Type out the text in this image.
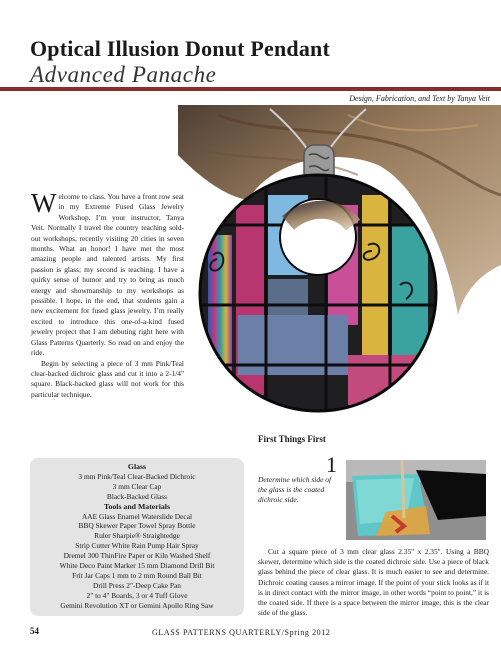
Optical Illusion Donut Pendant
Advanced Panache
Design, Fabrication, and Text by Tanya Veit

Welcome to class. You have a front row seat in my Extreme Fused Glass Jewelry Workshop. I’m your instructor, Tanya Veit. Normally I travel the country teaching sold-out workshops, recently visiting 20 cities in seven months. What an honor! I have met the most amazing people and talented artists. My first passion is glass; my second is teaching. I have a quirky sense of humor and try to bring as much energy and showmanship to my workshops as possible. I hope, in the end, that students gain a new excitement for fused glass jewelry. I’m really excited to introduce this one-of-a-kind fused jewelry project that I am debuting right here with Glass Patterns Quarterly. So read on and enjoy the ride.

Begin by selecting a piece of 3 mm Pink/Teal clear-backed dichroic glass and cut it into a 2-1/4" square. Black-backed glass will not work for this particular technique.

Glass
3 mm Pink/Teal Clear-Backed Dichroic
3 mm Clear Cap
Black-Backed Glass
Tools and Materials
AAE Glass Enamel Waterslide Decal
BBQ Skewer Paper Towel Spray Bottle
Ruler Sharpie® Straightedge
Strip Cutter White Rain Pump Hair Spray
Dremel 300 ThinFire Paper or Kiln Washed Shelf
White Deco Paint Marker 15 mm Diamond Drill Bit
Frit Jar Caps 1 mm to 2 mm Round Ball Bit
Drill Press 2"-Deep Cake Pan
2" to 4" Boards, 3 or 4 Tuff Glove
Gemini Revolution XT or Gemini Apollo Ring Saw
First Things First
1
Determine which side of the glass is the coated dichroic side.
Cut a square piece of 3 mm clear glass 2.35" x 2.35". Using a BBQ skewer, determine which side is the coated dichroic side. Use a piece of black glass behind the piece of clear glass. It is much easier to see and determine. Dichroic coating causes a mirror image. If the point of your stick looks as if it is in direct contact with the mirror image, in other words “point to point,” it is the coated side. If there is a space between the mirror image, this is the clear side of the glass.
54	GLASS PATTERNS QUARTERLY/Spring 2012
